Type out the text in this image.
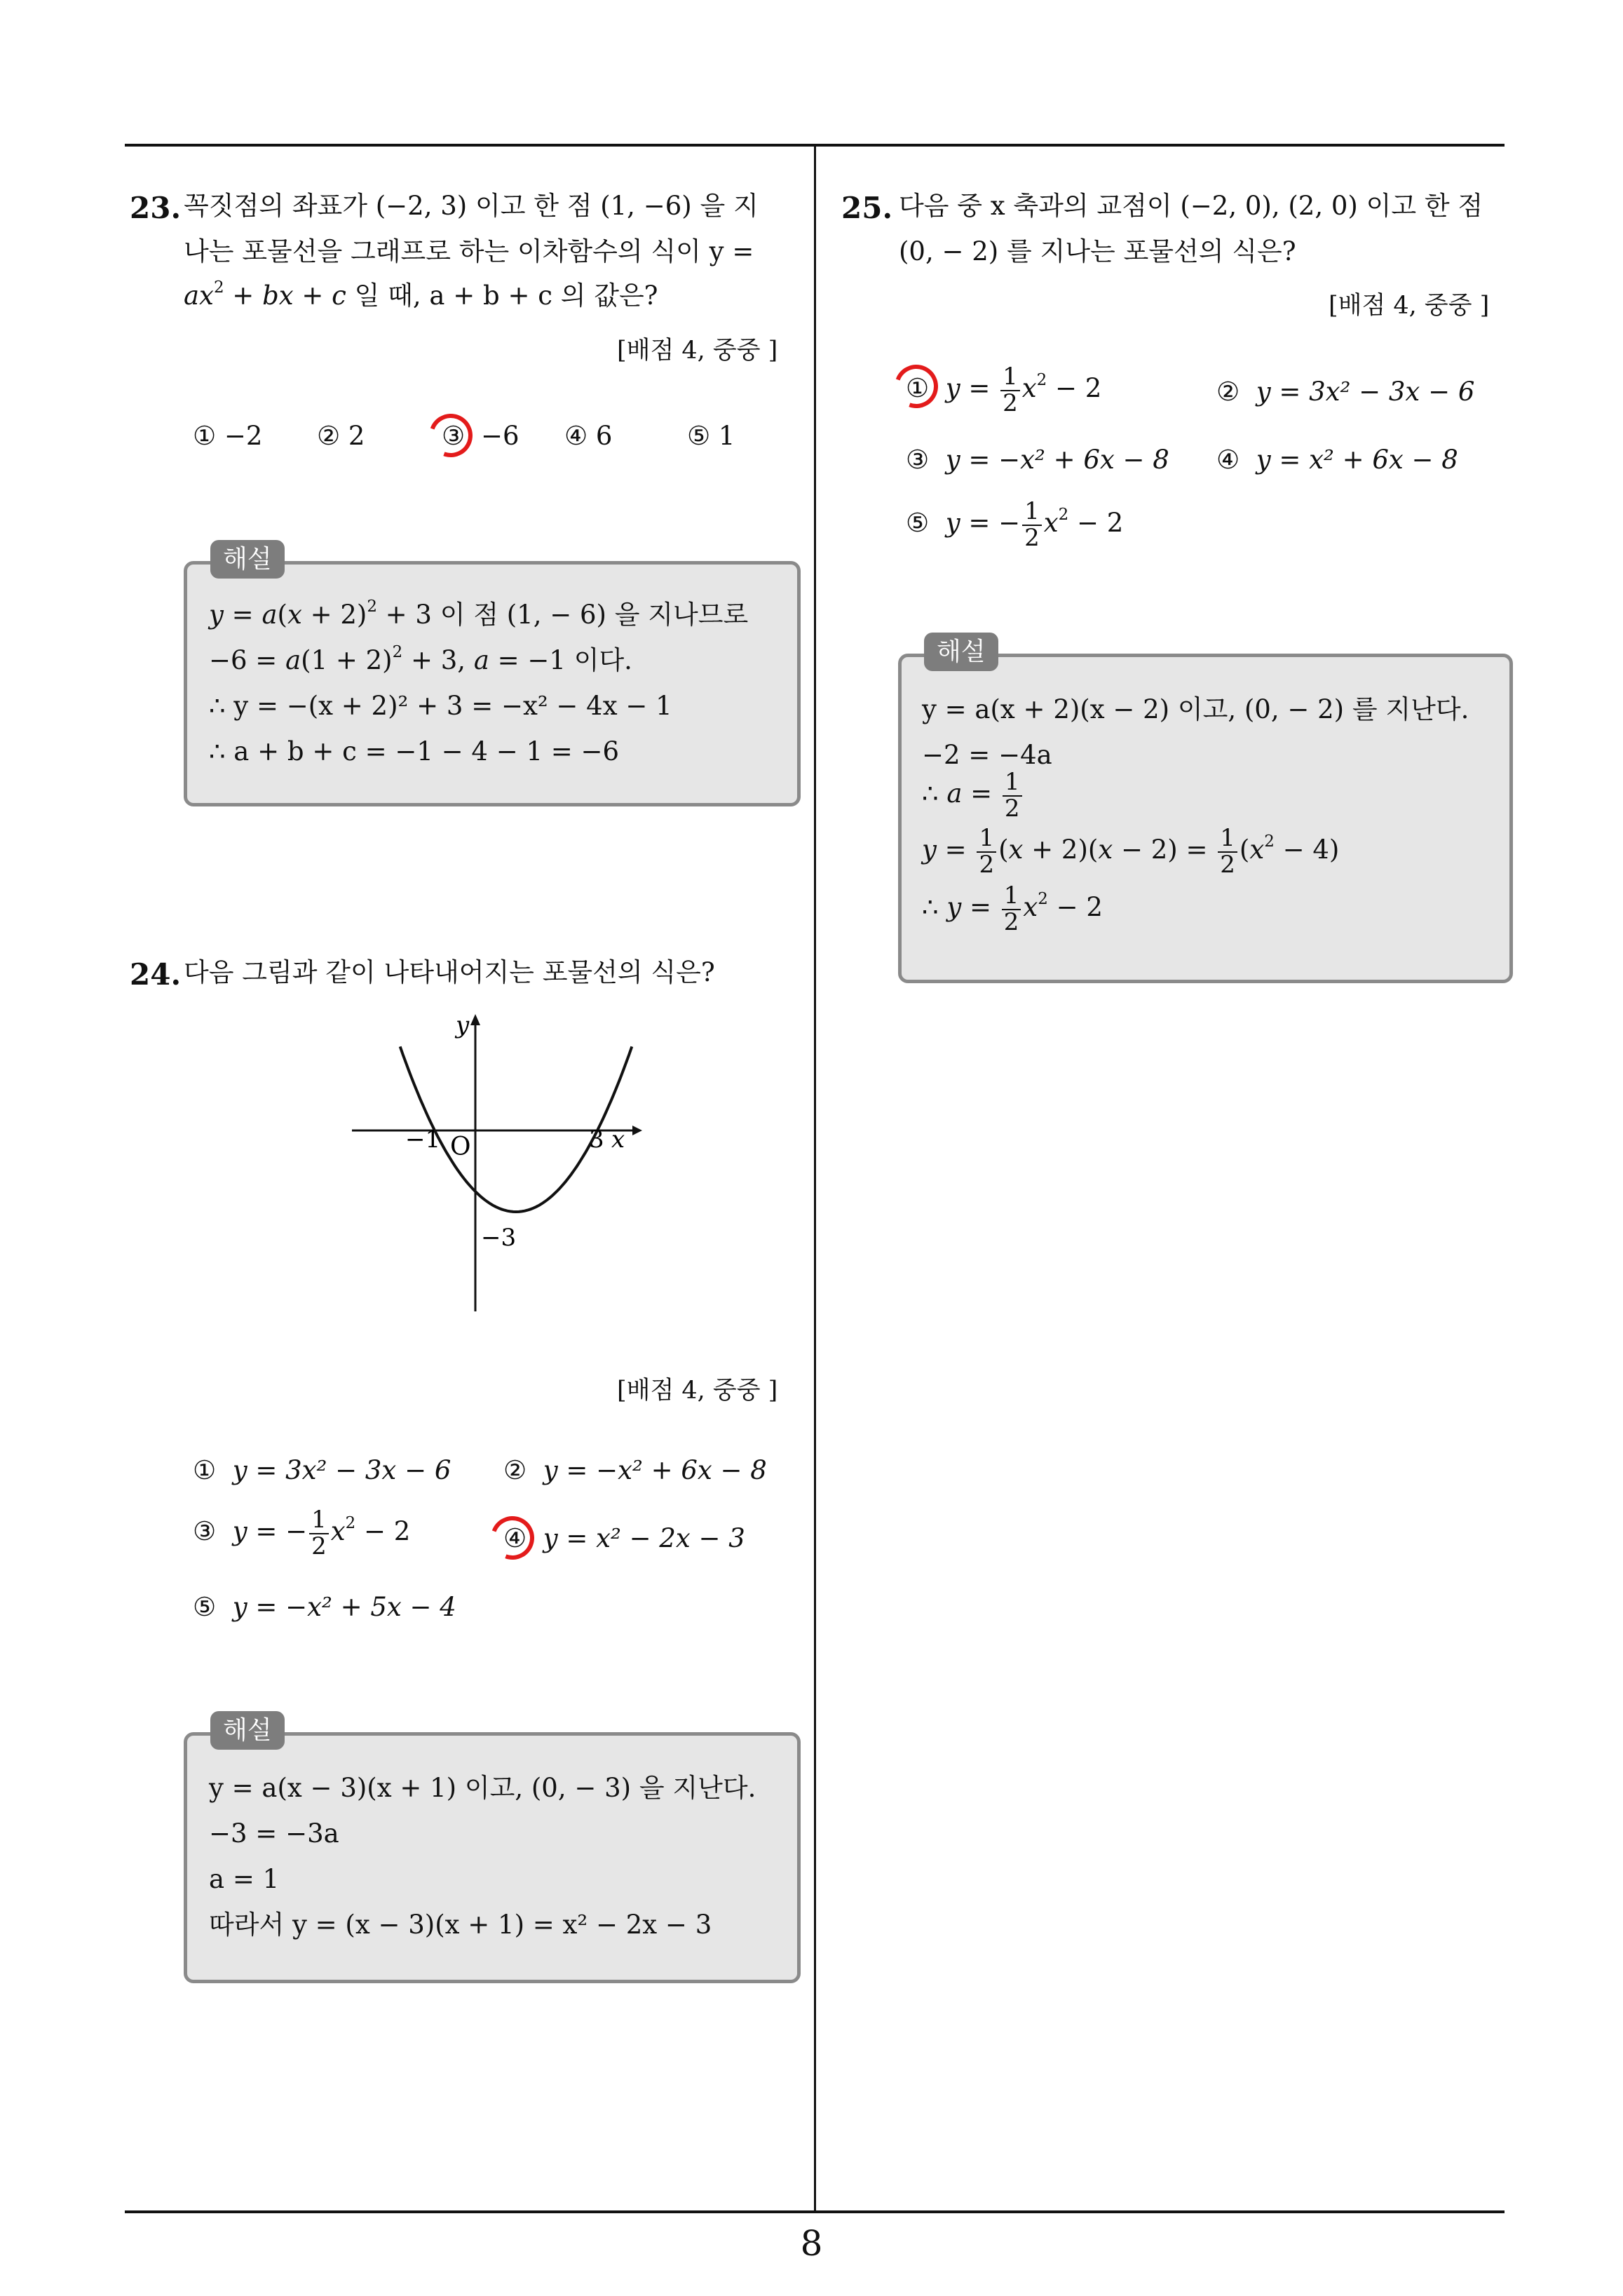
23. 꼭짓점의 좌표가 (−2, 3) 이고 한 점 (1, −6) 을 지
나는 포물선을 그래프로 하는 이차함수의 식이 y =
$ax^2$ + bx + c 일 때, a + b + c 의 값은?
[배점 4, 중중 ]
① −2 ② 2	③ −6 ④ 6	⑤ 1
해설
$y = a(x + 2)^2 + 3$ 이 점 (1, − 6) 을 지나므로
$-6 = a(1 + 2)^2 + 3$, a = −1 이다.
∴ y = −(x + 2)² + 3 = −x² − 4x − 1
∴ a + b + c = −1 − 4 − 1 = −6
24. 다음 그림과 같이 나타내어지는 포물선의 식은?
y
x
O
−1	3
−3
[배점 4, 중중 ]
① y = 3x² − 3x − 6 ② y = −x² + 6x − 8
③ y = − $\frac{1}{2} x^2 - 2$	④ y = x² − 2x − 3
⑤ y = −x² + 5x − 4
해설
y = a(x − 3)(x + 1) 이고, (0, − 3) 을 지난다.
−3 = −3a
a = 1
따라서 y = (x − 3)(x + 1) = x² − 2x − 3
25. 다음 중 x 축과의 교점이 (−2, 0), (2, 0) 이고 한 점
(0, − 2) 를 지나는 포물선의 식은?
[배점 4, 중중 ]
① $y = \frac{1}{2} x^2 - 2$	② y = 3x² − 3x − 6
③ y = −x² + 6x − 8 ④ y = x² + 6x − 8
⑤ y = − $\frac{1}{2} x^2 - 2$
해설
y = a(x + 2)(x − 2) 이고, (0, − 2) 를 지난다.
−2 = −4a
∴ $a = \frac{1}{2}$
$y = \frac{1}{2} (x + 2)(x - 2) = \frac{1}{2} (x^2 - 4)$
∴ $y = \frac{1}{2} x^2 - 2$
8
